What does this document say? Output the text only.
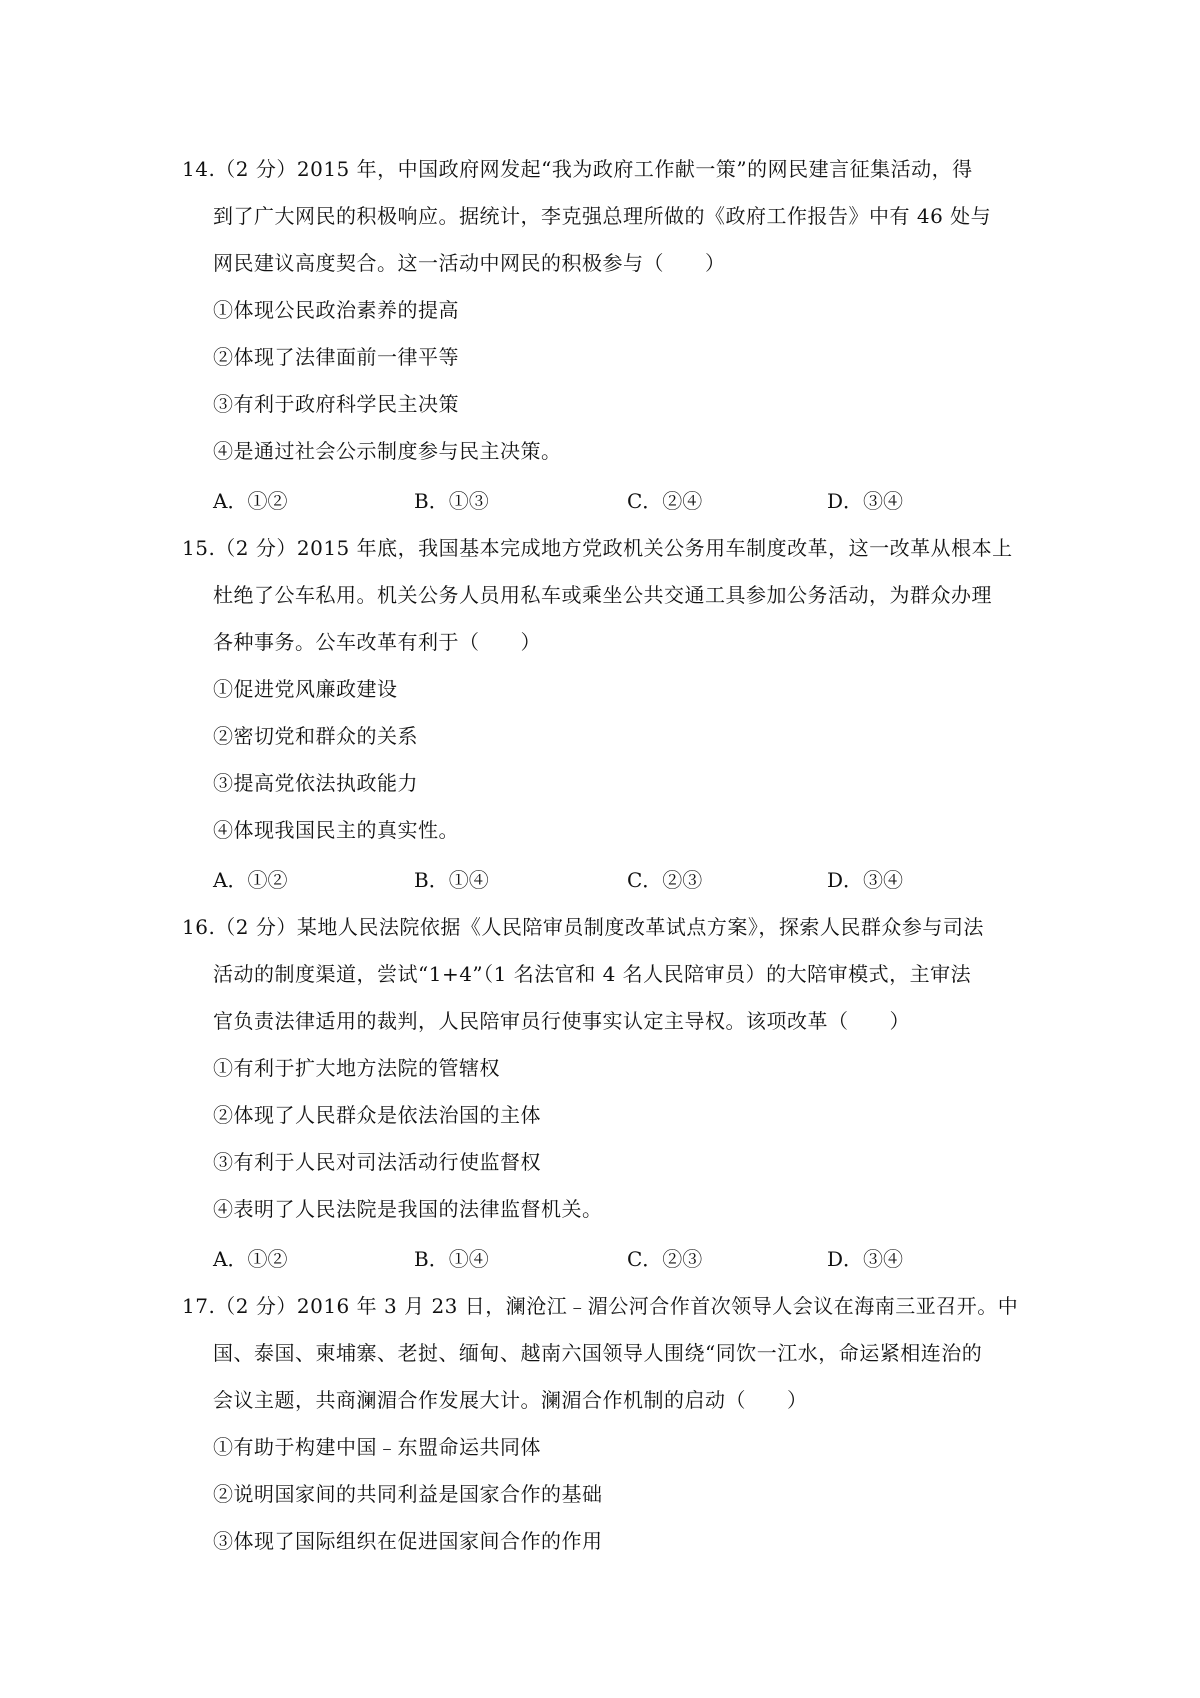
14.（2 分）2015 年，中国政府网发起“我为政府工作献一策”的网民建言征集活动，得
到了广大网民的积极响应。据统计，李克强总理所做的《政府工作报告》中有 46 处与
网民建议高度契合。这一活动中网民的积极参与（　　）
①体现公民政治素养的提高
②体现了法律面前一律平等
③有利于政府科学民主决策
④是通过社会公示制度参与民主决策。
A．①②	B．①③	C．②④	D．③④
15.（2 分）2015 年底，我国基本完成地方党政机关公务用车制度改革，这一改革从根本上
杜绝了公车私用。机关公务人员用私车或乘坐公共交通工具参加公务活动，为群众办理
各种事务。公车改革有利于（　　）
①促进党风廉政建设
②密切党和群众的关系
③提高党依法执政能力
④体现我国民主的真实性。
A．①②	B．①④	C．②③	D．③④
16.（2 分）某地人民法院依据《人民陪审员制度改革试点方案》，探索人民群众参与司法
活动的制度渠道，尝试“1+4”（1 名法官和 4 名人民陪审员）的大陪审模式，主审法
官负责法律适用的裁判，人民陪审员行使事实认定主导权。该项改革（　　）
①有利于扩大地方法院的管辖权
②体现了人民群众是依法治国的主体
③有利于人民对司法活动行使监督权
④表明了人民法院是我国的法律监督机关。
A．①②	B．①④	C．②③	D．③④
17.（2 分）2016 年 3 月 23 日，澜沧江﹣湄公河合作首次领导人会议在海南三亚召开。中
国、泰国、柬埔寨、老挝、缅甸、越南六国领导人围绕“同饮一江水，命运紧相连治的
会议主题，共商澜湄合作发展大计。澜湄合作机制的启动（　　）
①有助于构建中国﹣东盟命运共同体
②说明国家间的共同利益是国家合作的基础
③体现了国际组织在促进国家间合作的作用
